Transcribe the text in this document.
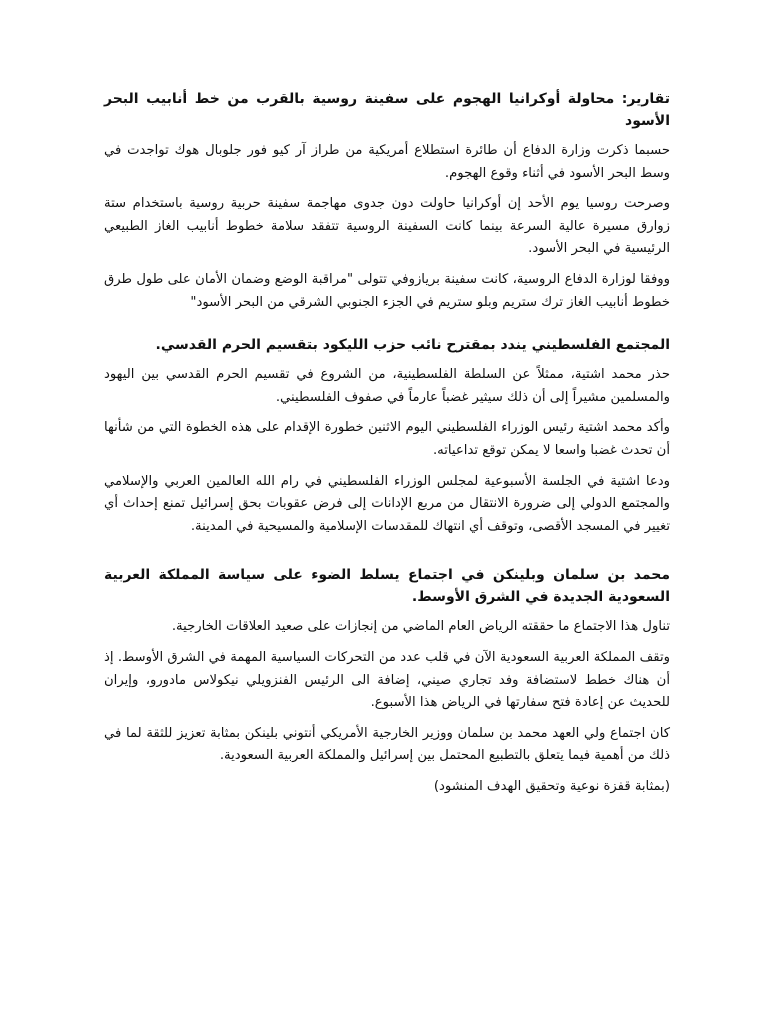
تقارير: محاولة أوكرانيا الهجوم على سفينة روسية بالقرب من خط أنابيب البحر الأسود

حسبما ذكرت وزارة الدفاع أن طائرة استطلاع أمريكية من طراز آر كيو فور جلوبال هوك تواجدت في وسط البحر الأسود في أثناء وقوع الهجوم.

وصرحت روسيا يوم الأحد إن أوكرانيا حاولت دون جدوى مهاجمة سفينة حربية روسية باستخدام ستة زوارق مسيرة عالية السرعة بينما كانت السفينة الروسية تتفقد سلامة خطوط أنابيب الغاز الطبيعي الرئيسية في البحر الأسود.

ووفقا لوزارة الدفاع الروسية، كانت سفينة بريازوفي تتولى "مراقبة الوضع وضمان الأمان على طول طرق خطوط أنابيب الغاز ترك ستريم وبلو ستريم في الجزء الجنوبي الشرقي من البحر الأسود"

المجتمع الفلسطيني يندد بمقترح نائب حزب الليكود بتقسيم الحرم القدسي.

حذر محمد اشتية، ممثلاً عن السلطة الفلسطينية، من الشروع في تقسيم الحرم القدسي بين اليهود والمسلمين مشيراً إلى أن ذلك سيثير غضباً عارماً في صفوف الفلسطيني.

وأكد محمد اشتية رئيس الوزراء الفلسطيني اليوم الاثنين خطورة الإقدام على هذه الخطوة التي من شأنها أن تحدث غضبا واسعا لا يمكن توقع تداعياته.

ودعا اشتية في الجلسة الأسبوعية لمجلس الوزراء الفلسطيني في رام الله العالمين العربي والإسلامي والمجتمع الدولي إلى ضرورة الانتقال من مربع الإدانات إلى فرض عقوبات بحق إسرائيل تمنع إحداث أي تغيير في المسجد الأقصى، وتوقف أي انتهاك للمقدسات الإسلامية والمسيحية في المدينة.

محمد بن سلمان وبلينكن في اجتماع يسلط الضوء على سياسة المملكة العربية السعودية الجديدة في الشرق الأوسط.

تناول هذا الاجتماع ما حققته الرياض العام الماضي من إنجازات على صعيد العلاقات الخارجية.

وتقف المملكة العربية السعودية الآن في قلب عدد من التحركات السياسية المهمة في الشرق الأوسط. إذ أن هناك خطط لاستضافة وفد تجاري صيني، إضافة الى الرئيس الفنزويلي نيكولاس مادورو، وإيران للحديث عن إعادة فتح سفارتها في الرياض هذا الأسبوع.

كان اجتماع ولي العهد محمد بن سلمان ووزير الخارجية الأمريكي أنتوني بلينكن بمثابة تعزيز للثقة لما في ذلك من أهمية فيما يتعلق بالتطبيع المحتمل بين إسرائيل والمملكة العربية السعودية.

(بمثابة قفزة نوعية وتحقيق الهدف المنشود)
